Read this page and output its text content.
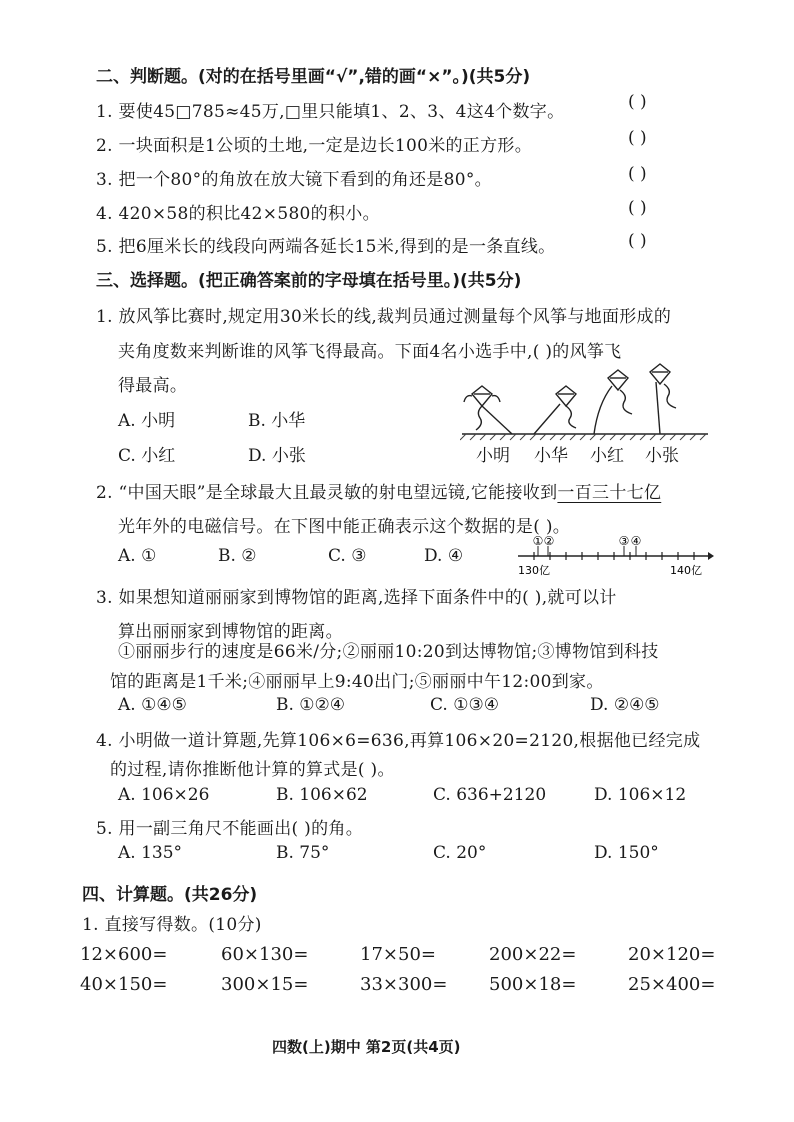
二、判断题。(对的在括号里画“√”,错的画“×”。)(共5分)
1. 要使45□785≈45万,□里只能填1、2、3、4这4个数字。	( )
2. 一块面积是1公顷的土地,一定是边长100米的正方形。	( )
3. 把一个80°的角放在放大镜下看到的角还是80°。	( )
4. 420×58的积比42×580的积小。	( )
5. 把6厘米长的线段向两端各延长15米,得到的是一条直线。	( )
三、选择题。(把正确答案前的字母填在括号里。)(共5分)
1. 放风筝比赛时,规定用30米长的线,裁判员通过测量每个风筝与地面形成的
夹角度数来判断谁的风筝飞得最高。下面4名小选手中,( )的风筝飞
得最高。
A. 小明	B. 小华
C. 小红	D. 小张	小明 小华 小红 小张
2. “中国天眼”是全球最大且最灵敏的射电望远镜,它能接收到一百三十七亿
光年外的电磁信号。在下图中能正确表示这个数据的是( )。
A. ①	B. ②	C. ③	D. ④
① ②	③ ④
130亿	140亿
3. 如果想知道丽丽家到博物馆的距离,选择下面条件中的( ),就可以计
算出丽丽家到博物馆的距离。
①丽丽步行的速度是66米/分;②丽丽10:20到达博物馆;③博物馆到科技
馆的距离是1千米;④丽丽早上9:40出门;⑤丽丽中午12:00到家。
A. ①④⑤	B. ①②④	C. ①③④	D. ②④⑤
4. 小明做一道计算题,先算106×6=636,再算106×20=2120,根据他已经完成
的过程,请你推断他计算的算式是( )。
A. 106×26	B. 106×62	C. 636+2120	D. 106×12
5. 用一副三角尺不能画出( )的角。
A. 135°	B. 75°	C. 20°	D. 150°
四、计算题。(共26分)
1. 直接写得数。(10分)
12×600=	60×130=	17×50=	200×22=	20×120=
40×150=	300×15=	33×300= 500×18=	25×400=
四数(上)期中 第2页(共4页)
